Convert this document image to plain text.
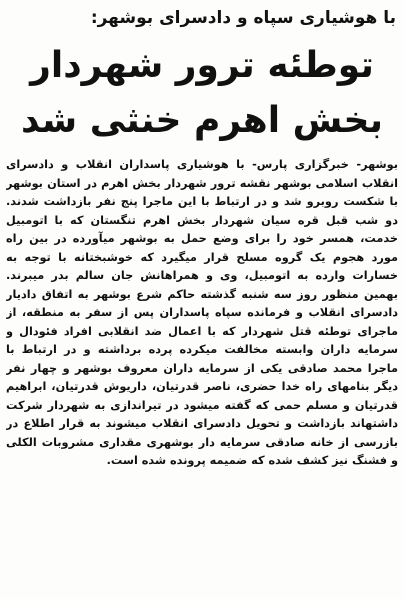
با هوشیاری سپاه و دادسرای بوشهر:
توطئه ترور شهردار
بخش اهرم خنثی شد

بوشهر- خبرگزاری پارس- با هوشیاری پاسداران انقلاب و دادسرای انقلاب اسلامی بوشهر نقشه ترور شهردار بخش اهرم در استان بوشهر با شکست روبرو شد و در ارتباط با این ماجرا پنج نفر بازداشت شدند. دو شب قبل قره سیان شهردار بخش اهرم تنگستان که با اتومبیل خدمت، همسر خود را برای وضع حمل به بوشهر میآورده در بین راه مورد هجوم یک گروه مسلح قرار میگیرد که خوشبختانه با توجه به خسارات وارده به اتومبیل، وی و همراهانش جان سالم بدر میبرند. بهمین منظور روز سه شنبه گذشته حاکم شرع بوشهر به اتفاق دادیار دادسرای انقلاب و فرمانده سپاه پاسداران پس از سفر به منطقه، از ماجرای توطئه قتل شهردار که با اعمال ضد انقلابی افراد فئودال و سرمایه داران وابسته مخالفت میکرده پرده برداشته و در ارتباط با ماجرا محمد صادقی یکی از سرمایه داران معروف بوشهر و چهار نفر دیگر بنامهای راه خدا حضری، ناصر قدرتیان، داریوش قدرتیان، ابراهیم قدرتیان و مسلم حمی که گفته میشود در تیراندازی به شهردار شرکت داشتهاند بازداشت و تحویل دادسرای انقلاب میشوند به قرار اطلاع در بازرسی از خانه صادقی سرمایه دار بوشهری مقداری مشروبات الکلی و فشنگ نیز کشف شده که ضمیمه پرونده شده است.
